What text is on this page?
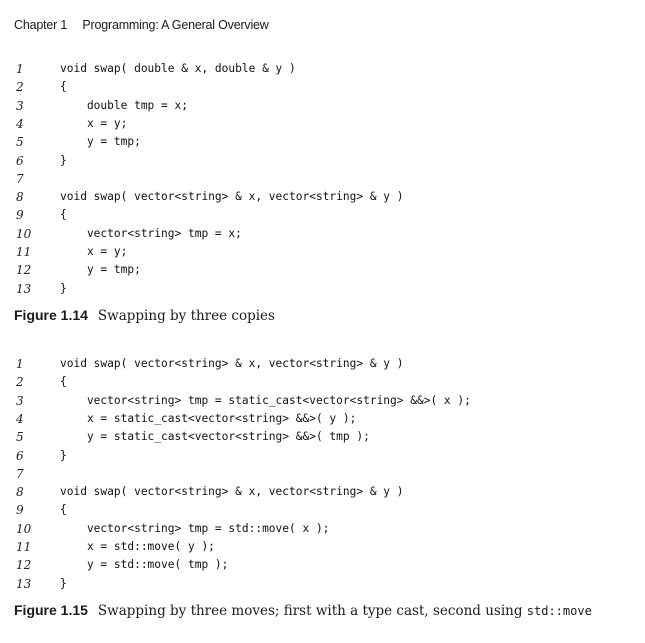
Chapter 1 Programming: A General Overview
1	void swap( double & x, double & y )
2	{
3	double tmp = x;
4	x = y;
5	y = tmp;
6	}
7
8	void swap( vector<string> & x, vector<string> & y )
9	{
10	vector<string> tmp = x;
11	x = y;
12	y = tmp;
13	}
Figure 1.14 Swapping by three copies
1	void swap( vector<string> & x, vector<string> & y )
2	{
3	vector<string> tmp = static_cast<vector<string> &&>( x );
4	x = static_cast<vector<string> &&>( y );
5	y = static_cast<vector<string> &&>( tmp );
6	}
7
8	void swap( vector<string> & x, vector<string> & y )
9	{
10	vector<string> tmp = std::move( x );
11	x = std::move( y );
12	y = std::move( tmp );
13	}
Figure 1.15 Swapping by three moves; first with a type cast, second using std::move
